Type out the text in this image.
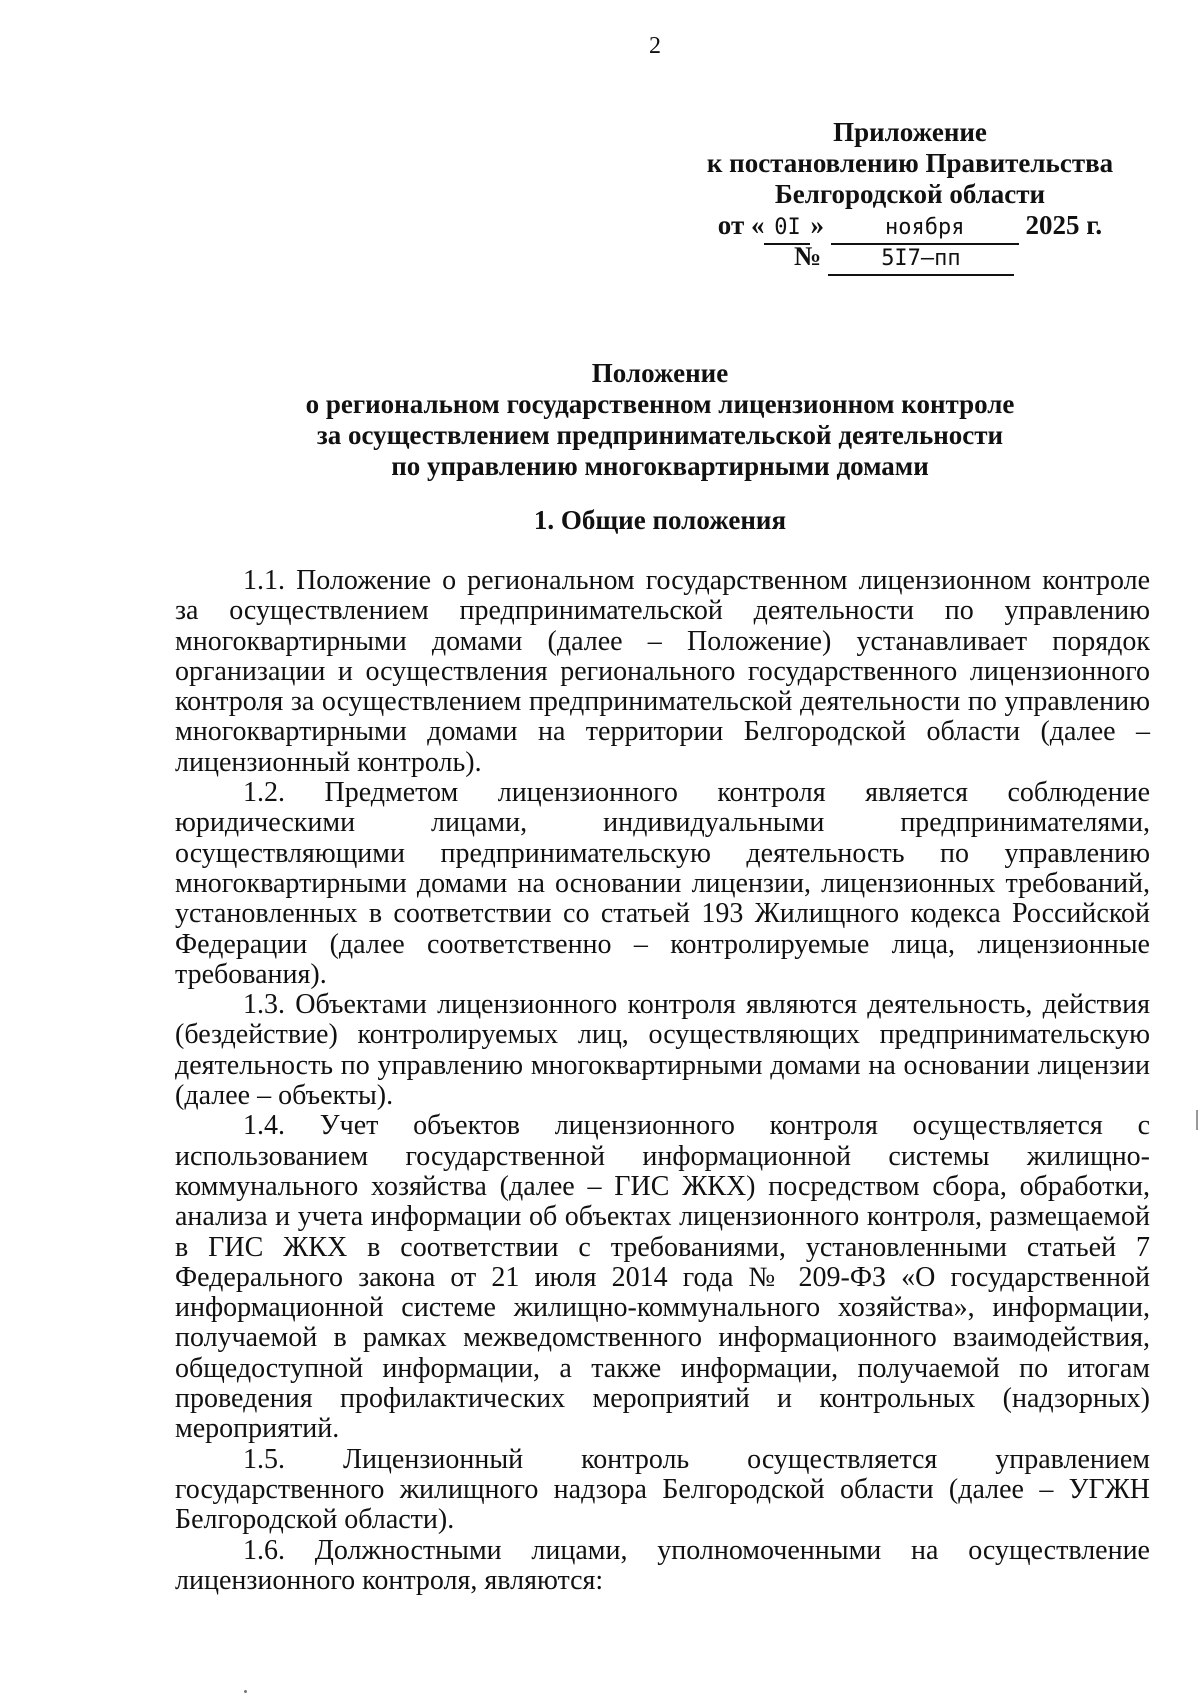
2
Приложение
к постановлению Правительства
Белгородской области
от « 0I »	ноября 2025 г.
№	5I7–пп
Положение
о региональном государственном лицензионном контроле
за осуществлением предпринимательской деятельности
по управлению многоквартирными домами
1. Общие положения

1.1. Положение о региональном государственном лицензионном контроле за осуществлением предпринимательской деятельности по управлению многоквартирными домами (далее – Положение) устанавливает порядок организации и осуществления регионального государственного лицензионного контроля за осуществлением предпринимательской деятельности по управлению многоквартирными домами на территории Белгородской области (далее – лицензионный контроль).

1.2. Предметом лицензионного контроля является соблюдение юридическими лицами, индивидуальными предпринимателями, осуществляющими предпринимательскую деятельность по управлению многоквартирными домами на основании лицензии, лицензионных требований, установленных в соответствии со статьей 193 Жилищного кодекса Российской Федерации (далее соответственно – контролируемые лица, лицензионные требования).

1.3. Объектами лицензионного контроля являются деятельность, действия (бездействие) контролируемых лиц, осуществляющих предпринимательскую деятельность по управлению многоквартирными домами на основании лицензии (далее – объекты).

1.4. Учет объектов лицензионного контроля осуществляется с использованием государственной информационной системы жилищно-коммунального хозяйства (далее – ГИС ЖКХ) посредством сбора, обработки, анализа и учета информации об объектах лицензионного контроля, размещаемой в ГИС ЖКХ в соответствии с требованиями, установленными статьей 7 Федерального закона от 21 июля 2014 года № 209-ФЗ «О государственной информационной системе жилищно-коммунального хозяйства», информации, получаемой в рамках межведомственного информационного взаимодействия, общедоступной информации, а также информации, получаемой по итогам проведения профилактических мероприятий и контрольных (надзорных) мероприятий.

1.5. Лицензионный контроль осуществляется управлением государственного жилищного надзора Белгородской области (далее – УГЖН Белгородской области).

1.6. Должностными лицами, уполномоченными на осуществление лицензионного контроля, являются:
